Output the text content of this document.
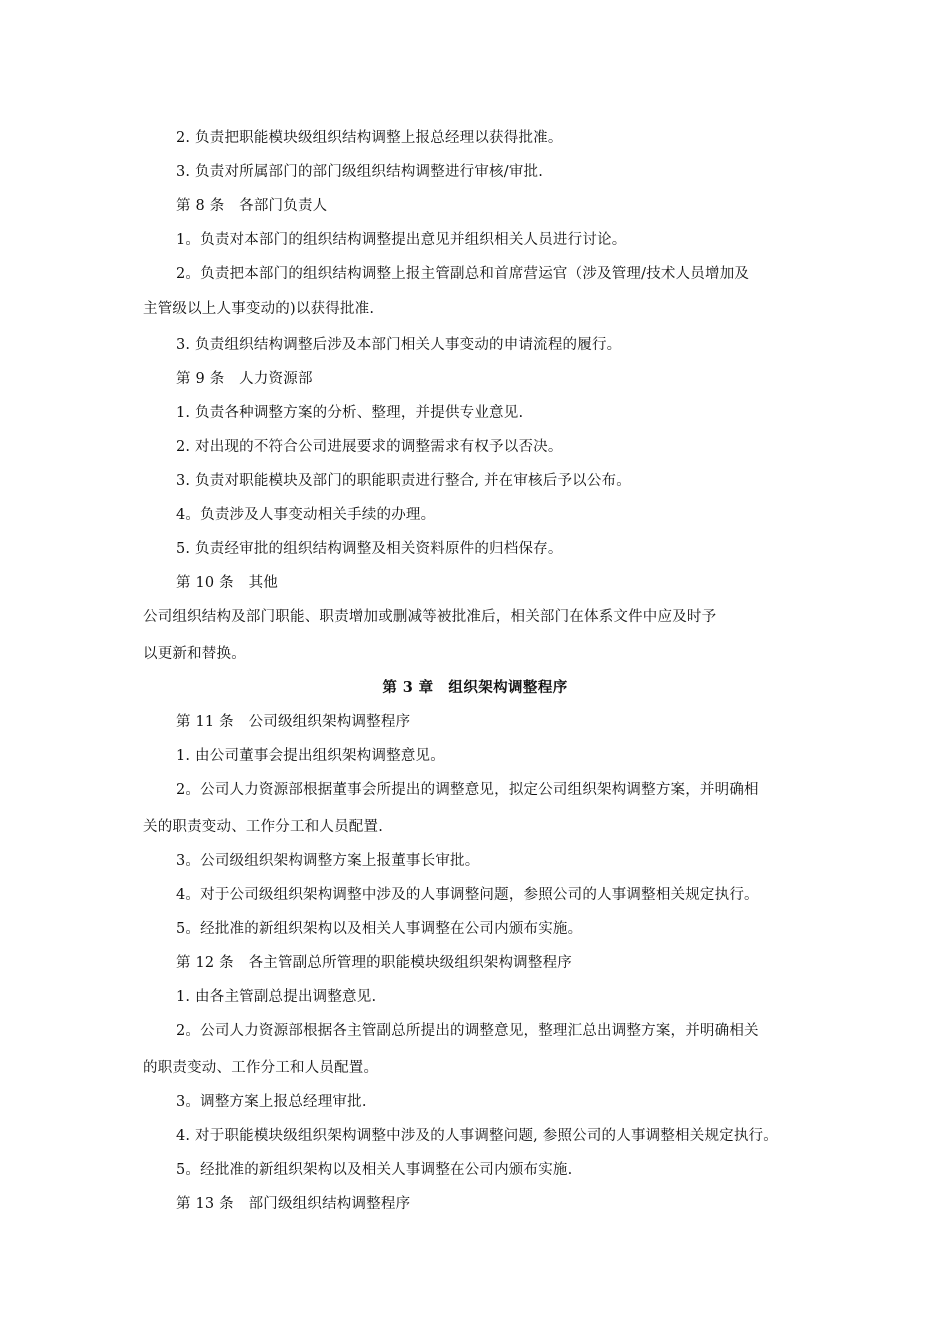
2. 负责把职能模块级组织结构调整上报总经理以获得批准。
3. 负责对所属部门的部门级组织结构调整进行审核/审批.
第 8 条　各部门负责人
1。负责对本部门的组织结构调整提出意见并组织相关人员进行讨论。
2。负责把本部门的组织结构调整上报主管副总和首席营运官（涉及管理/技术人员增加及
主管级以上人事变动的)以获得批准.
3. 负责组织结构调整后涉及本部门相关人事变动的申请流程的履行。
第 9 条　人力资源部
1. 负责各种调整方案的分析、整理，并提供专业意见.
2. 对出现的不符合公司进展要求的调整需求有权予以否决。
3. 负责对职能模块及部门的职能职责进行整合, 并在审核后予以公布。
4。负责涉及人事变动相关手续的办理。
5. 负责经审批的组织结构调整及相关资料原件的归档保存。
第 10 条　其他
公司组织结构及部门职能、职责增加或删减等被批准后，相关部门在体系文件中应及时予
以更新和替换。
第 3 章　组织架构调整程序
第 11 条　公司级组织架构调整程序
1. 由公司董事会提出组织架构调整意见。
2。公司人力资源部根据董事会所提出的调整意见，拟定公司组织架构调整方案，并明确相
关的职责变动、工作分工和人员配置.
3。公司级组织架构调整方案上报董事长审批。
4。对于公司级组织架构调整中涉及的人事调整问题，参照公司的人事调整相关规定执行。
5。经批准的新组织架构以及相关人事调整在公司内颁布实施。
第 12 条　各主管副总所管理的职能模块级组织架构调整程序
1. 由各主管副总提出调整意见.
2。公司人力资源部根据各主管副总所提出的调整意见，整理汇总出调整方案，并明确相关
的职责变动、工作分工和人员配置。
3。调整方案上报总经理审批.
4. 对于职能模块级组织架构调整中涉及的人事调整问题, 参照公司的人事调整相关规定执行。
5。经批准的新组织架构以及相关人事调整在公司内颁布实施.
第 13 条　部门级组织结构调整程序
